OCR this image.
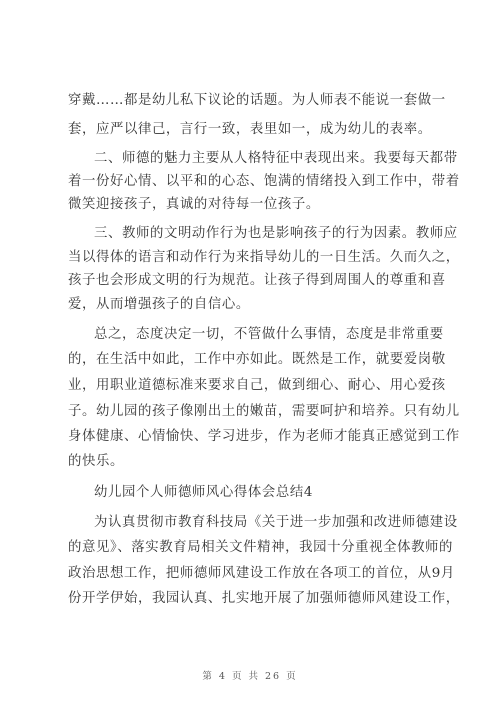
穿戴……都是幼儿私下议论的话题。为人师表不能说一套做一
套，应严以律己，言行一致，表里如一，成为幼儿的表率。
二、师德的魅力主要从人格特征中表现出来。我要每天都带
着一份好心情、以平和的心态、饱满的情绪投入到工作中，带着
微笑迎接孩子，真诚的对待每一位孩子。
三、教师的文明动作行为也是影响孩子的行为因素。教师应
当以得体的语言和动作行为来指导幼儿的一日生活。久而久之，
孩子也会形成文明的行为规范。让孩子得到周围人的尊重和喜
爱，从而增强孩子的自信心。
总之，态度决定一切，不管做什么事情，态度是非常重要
的，在生活中如此，工作中亦如此。既然是工作，就要爱岗敬
业，用职业道德标准来要求自己，做到细心、耐心、用心爱孩
子。幼儿园的孩子像刚出土的嫩苗，需要呵护和培养。只有幼儿
身体健康、心情愉快、学习进步，作为老师才能真正感觉到工作
的快乐。
幼儿园个人师德师风心得体会总结4
为认真贯彻市教育科技局《关于进一步加强和改进师德建设
的意见》、落实教育局相关文件精神，我园十分重视全体教师的
政治思想工作，把师德师风建设工作放在各项工的首位，从9月
份开学伊始，我园认真、扎实地开展了加强师德师风建设工作，
第 4 页 共 26 页
